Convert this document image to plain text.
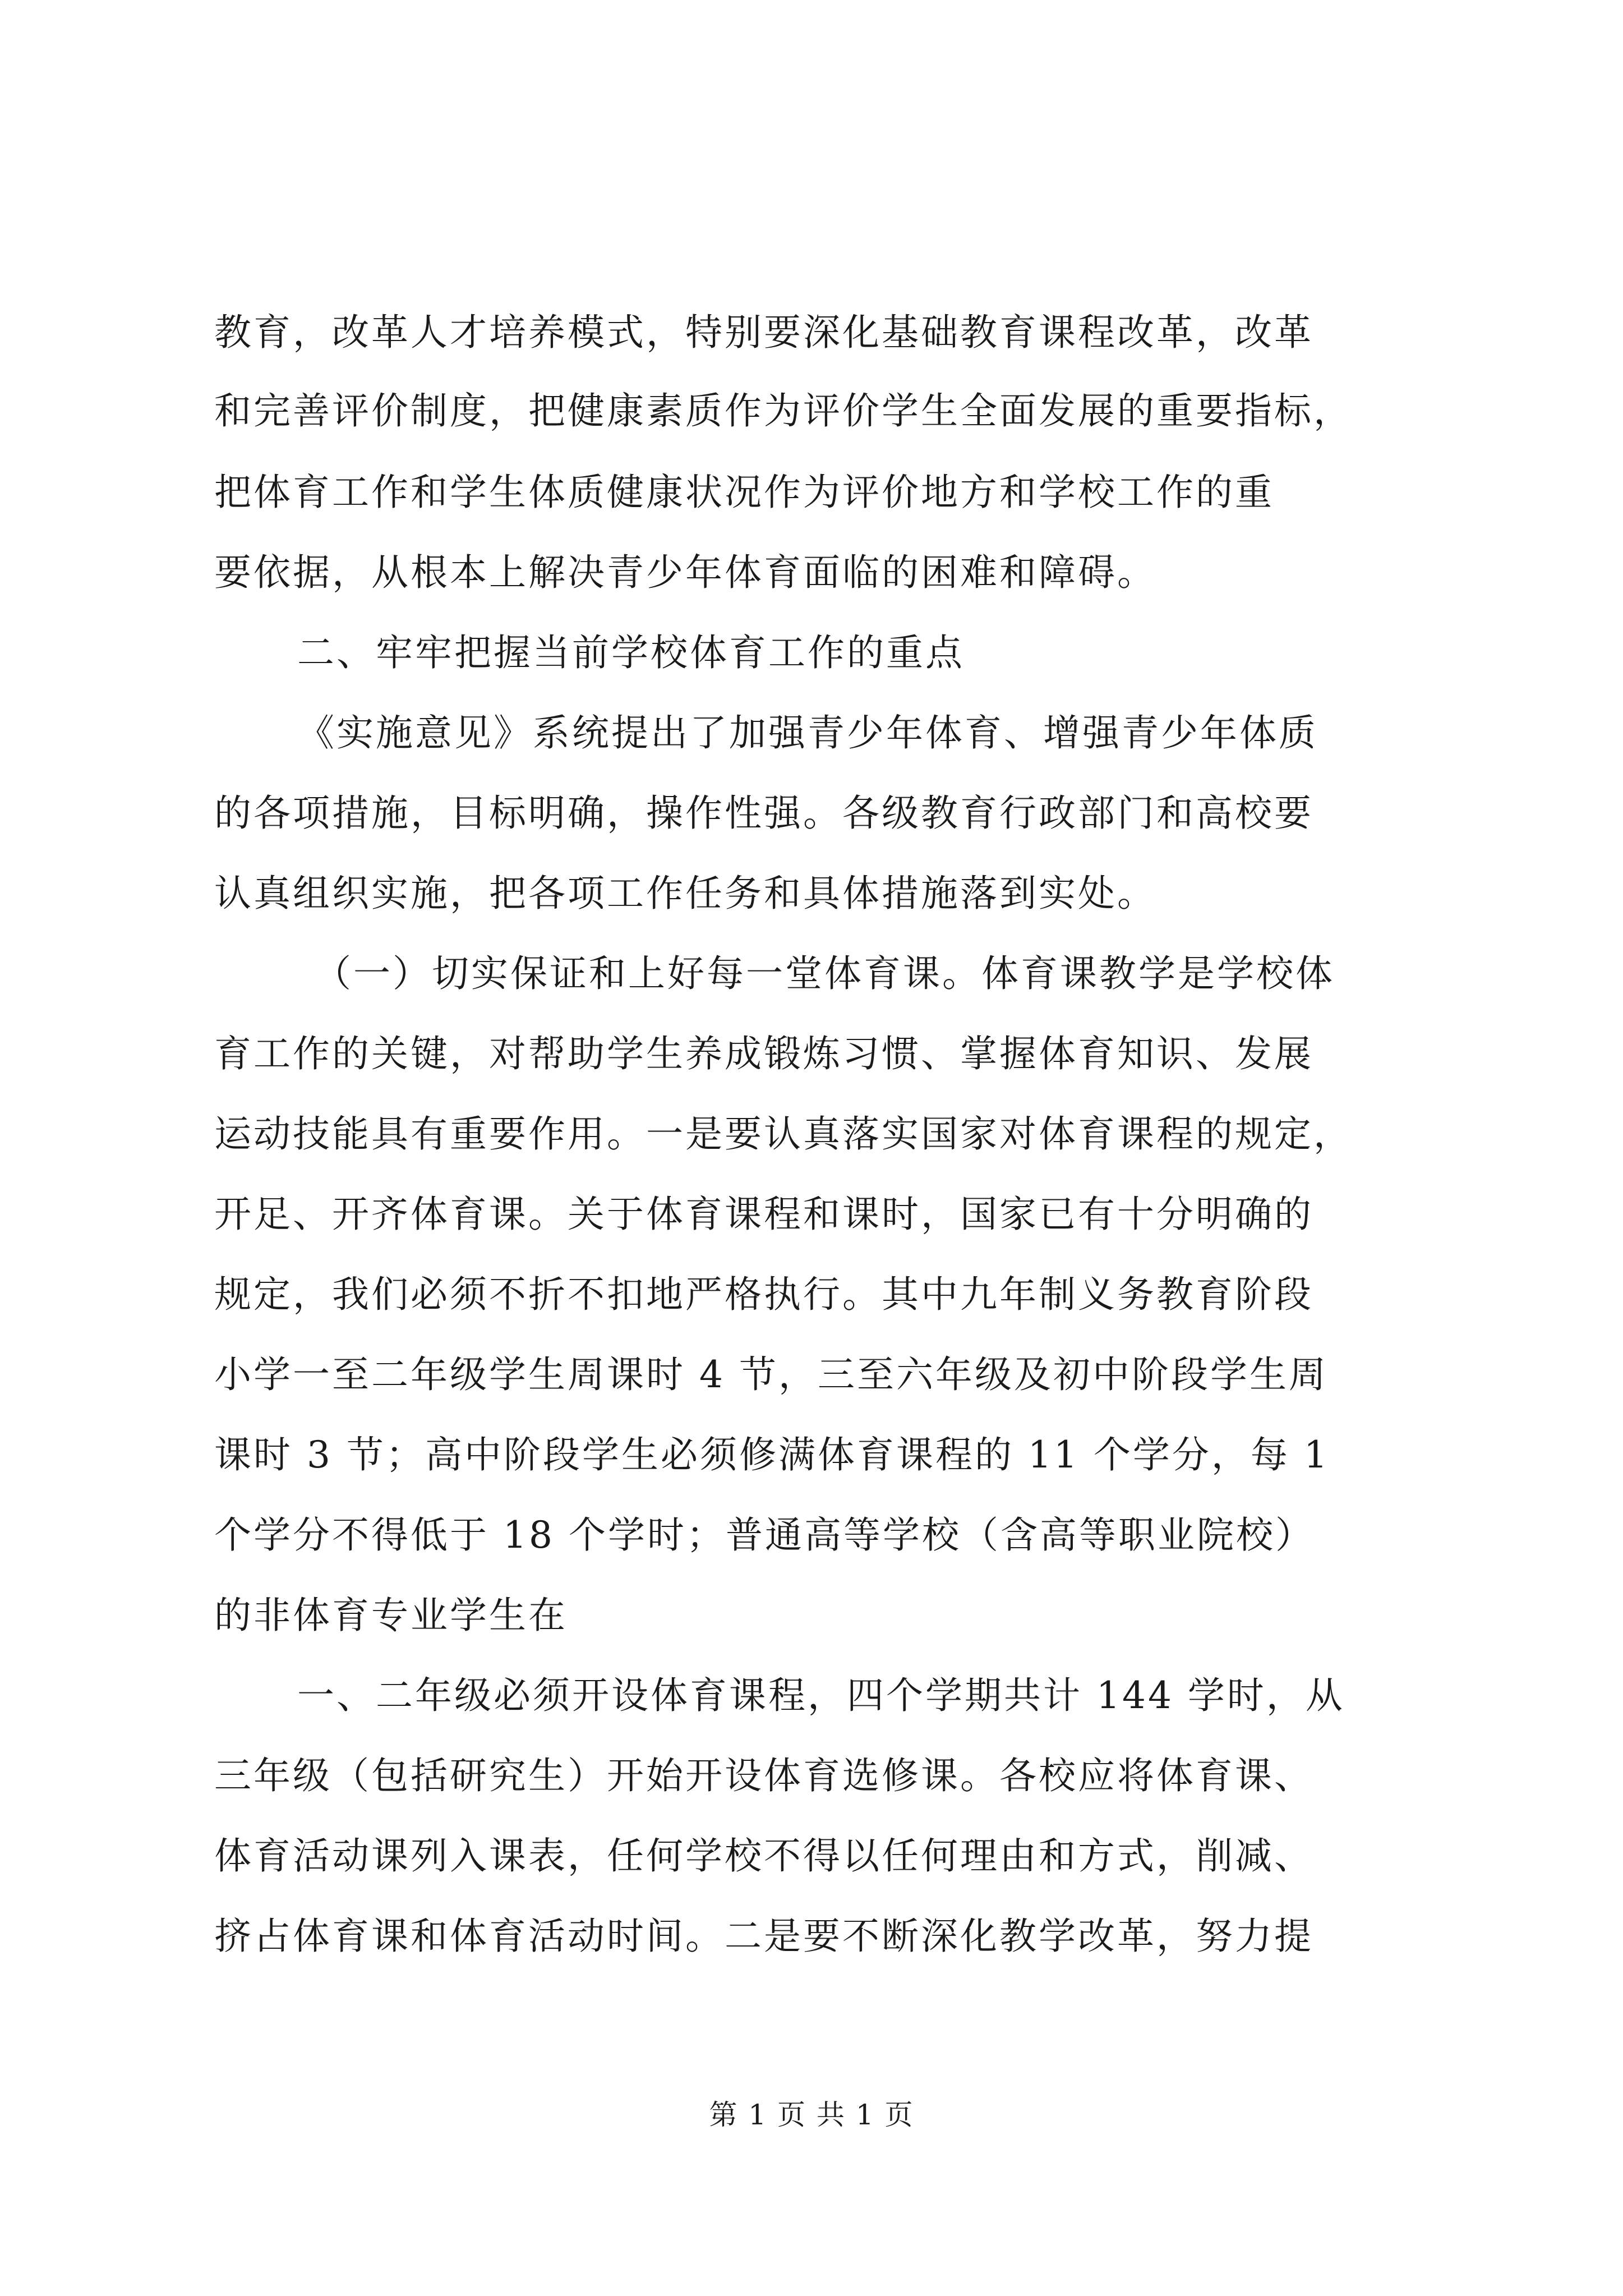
教育，改革人才培养模式，特别要深化基础教育课程改革，改革

和完善评价制度，把健康素质作为评价学生全面发展的重要指标，

把体育工作和学生体质健康状况作为评价地方和学校工作的重

要依据，从根本上解决青少年体育面临的困难和障碍。

二、牢牢把握当前学校体育工作的重点

《实施意见》系统提出了加强青少年体育、增强青少年体质

的各项措施，目标明确，操作性强。各级教育行政部门和高校要

认真组织实施，把各项工作任务和具体措施落到实处。

（一）切实保证和上好每一堂体育课。体育课教学是学校体

育工作的关键，对帮助学生养成锻炼习惯、掌握体育知识、发展

运动技能具有重要作用。一是要认真落实国家对体育课程的规定，

开足、开齐体育课。关于体育课程和课时，国家已有十分明确的

规定，我们必须不折不扣地严格执行。其中九年制义务教育阶段

小学一至二年级学生周课时 4 节，三至六年级及初中阶段学生周

课时 3 节；高中阶段学生必须修满体育课程的 11 个学分，每 1

个学分不得低于 18 个学时；普通高等学校（含高等职业院校）

的非体育专业学生在

一、二年级必须开设体育课程，四个学期共计 144 学时，从

三年级（包括研究生）开始开设体育选修课。各校应将体育课、

体育活动课列入课表，任何学校不得以任何理由和方式，削减、

挤占体育课和体育活动时间。二是要不断深化教学改革，努力提

第 1 页 共 1 页
